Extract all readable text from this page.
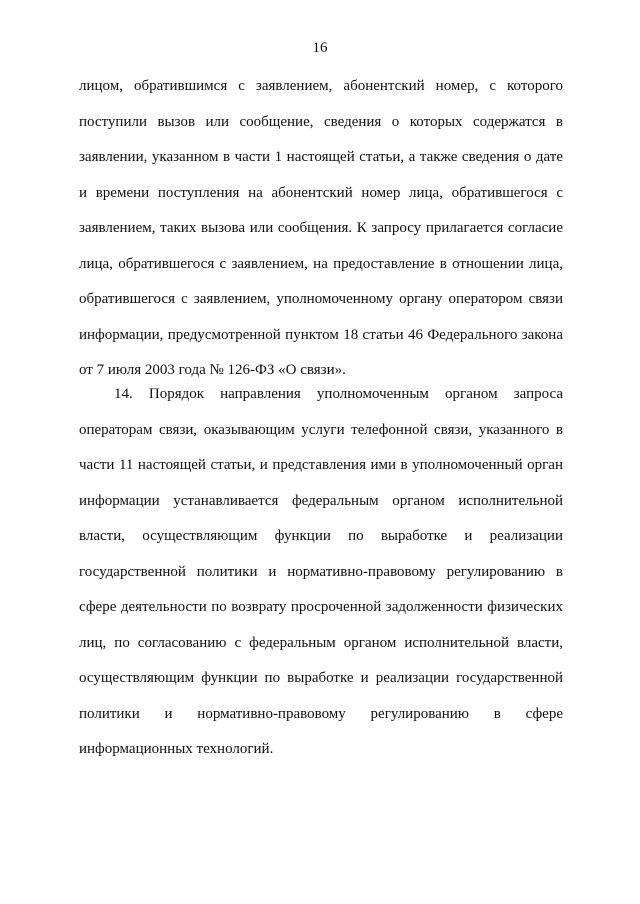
16
лицом, обратившимся с заявлением, абонентский номер, с которого
поступили вызов или сообщение, сведения о которых содержатся в
заявлении, указанном в части 1 настоящей статьи, а также сведения о дате
и времени поступления на абонентский номер лица, обратившегося с
заявлением, таких вызова или сообщения. К запросу прилагается согласие
лица, обратившегося с заявлением, на предоставление в отношении лица,
обратившегося с заявлением, уполномоченному органу оператором связи
информации, предусмотренной пунктом 18 статьи 46 Федерального закона
от 7 июля 2003 года № 126-ФЗ «О связи».
14. Порядок направления уполномоченным органом запроса
операторам связи, оказывающим услуги телефонной связи, указанного в
части 11 настоящей статьи, и представления ими в уполномоченный орган
информации устанавливается федеральным органом исполнительной
власти, осуществляющим функции по выработке и реализации
государственной политики и нормативно-правовому регулированию в
сфере деятельности по возврату просроченной задолженности физических
лиц, по согласованию с федеральным органом исполнительной власти,
осуществляющим функции по выработке и реализации государственной
политики и нормативно-правовому регулированию в сфере
информационных технологий.
